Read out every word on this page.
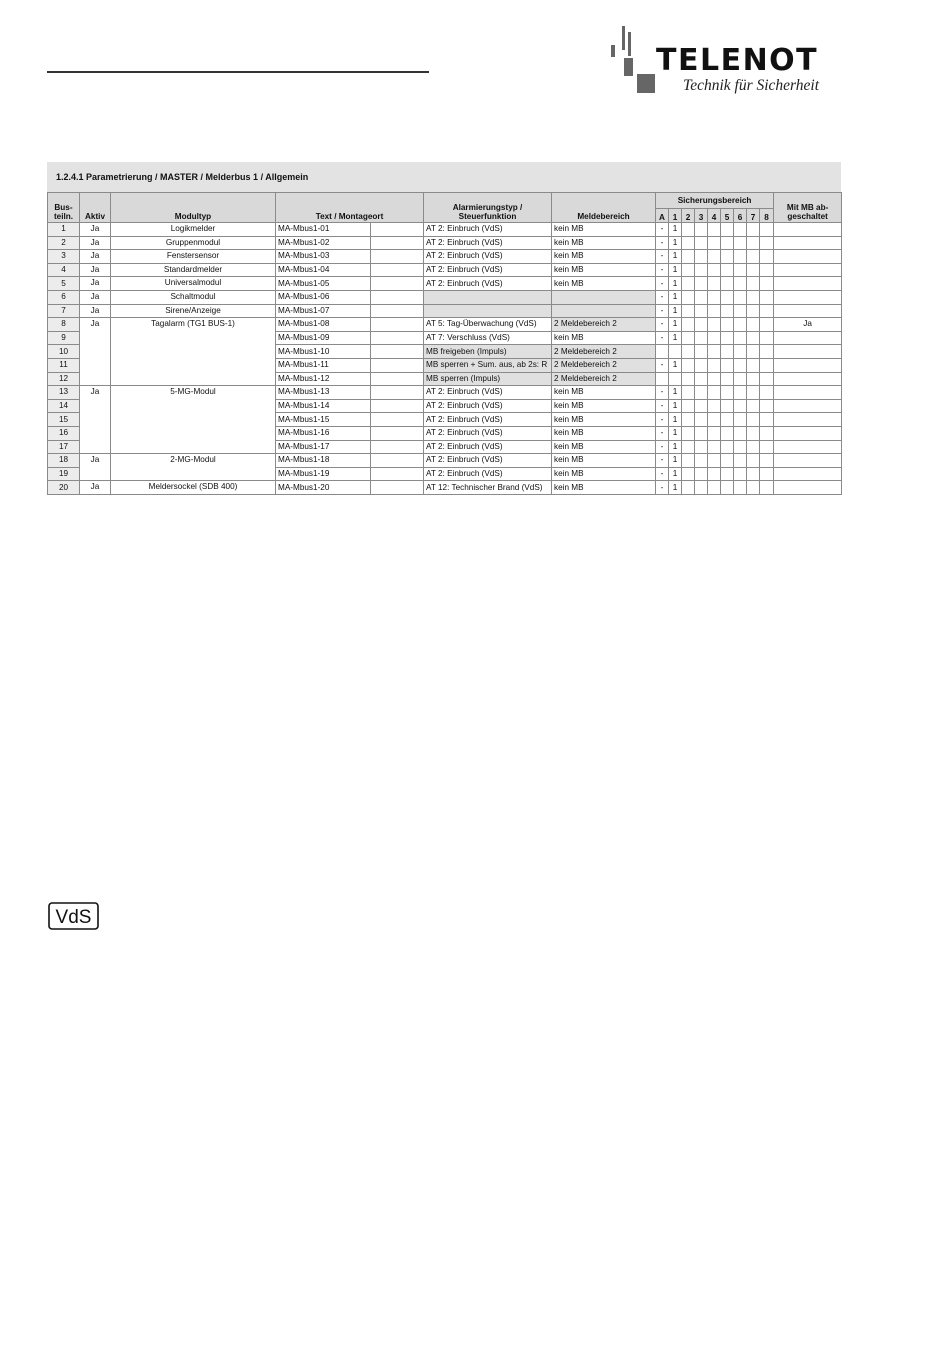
TELENOT
Technik für Sicherheit
1.2.4.1 Parametrierung / MASTER / Melderbus 1 / Allgemein
Bus-teiln.	Aktiv	Modultyp	Text / Montageort		Alarmierungstyp / Steuerfunktion	Meldebereich	Sicherungsbereich									Mit MB ab-geschaltet
							A	1	2	3	4	5	6	7	8	
1	Ja	Logikmelder	MA-Mbus1-01		AT 2: Einbruch (VdS)	kein MB	-	1								
2	Ja	Gruppenmodul	MA-Mbus1-02		AT 2: Einbruch (VdS)	kein MB	-	1								
3	Ja	Fenstersensor	MA-Mbus1-03		AT 2: Einbruch (VdS)	kein MB	-	1								
4	Ja	Standardmelder	MA-Mbus1-04		AT 2: Einbruch (VdS)	kein MB	-	1								
5	Ja	Universalmodul	MA-Mbus1-05		AT 2: Einbruch (VdS)	kein MB	-	1								
6	Ja	Schaltmodul	MA-Mbus1-06				-	1								
7	Ja	Sirene/Anzeige	MA-Mbus1-07				-	1								
8	Ja	Tagalarm (TG1 BUS-1)	MA-Mbus1-08		AT 5: Tag-Überwachung (VdS)	2 Meldebereich 2	-	1								Ja
9			MA-Mbus1-09		AT 7: Verschluss (VdS)	kein MB	-	1								
10			MA-Mbus1-10		MB freigeben (Impuls)	2 Meldebereich 2										
11			MA-Mbus1-11		MB sperren + Sum. aus, ab 2s: R	2 Meldebereich 2	-	1								
12			MA-Mbus1-12		MB sperren (Impuls)	2 Meldebereich 2										
13	Ja	5-MG-Modul	MA-Mbus1-13		AT 2: Einbruch (VdS)	kein MB	-	1								
14			MA-Mbus1-14		AT 2: Einbruch (VdS)	kein MB	-	1								
15			MA-Mbus1-15		AT 2: Einbruch (VdS)	kein MB	-	1								
16			MA-Mbus1-16		AT 2: Einbruch (VdS)	kein MB	-	1								
17			MA-Mbus1-17		AT 2: Einbruch (VdS)	kein MB	-	1								
18	Ja	2-MG-Modul	MA-Mbus1-18		AT 2: Einbruch (VdS)	kein MB	-	1								
19			MA-Mbus1-19		AT 2: Einbruch (VdS)	kein MB	-	1								
20	Ja	Meldersockel (SDB 400)	MA-Mbus1-20		AT 12: Technischer Brand (VdS)	kein MB	-	1								
VdS
